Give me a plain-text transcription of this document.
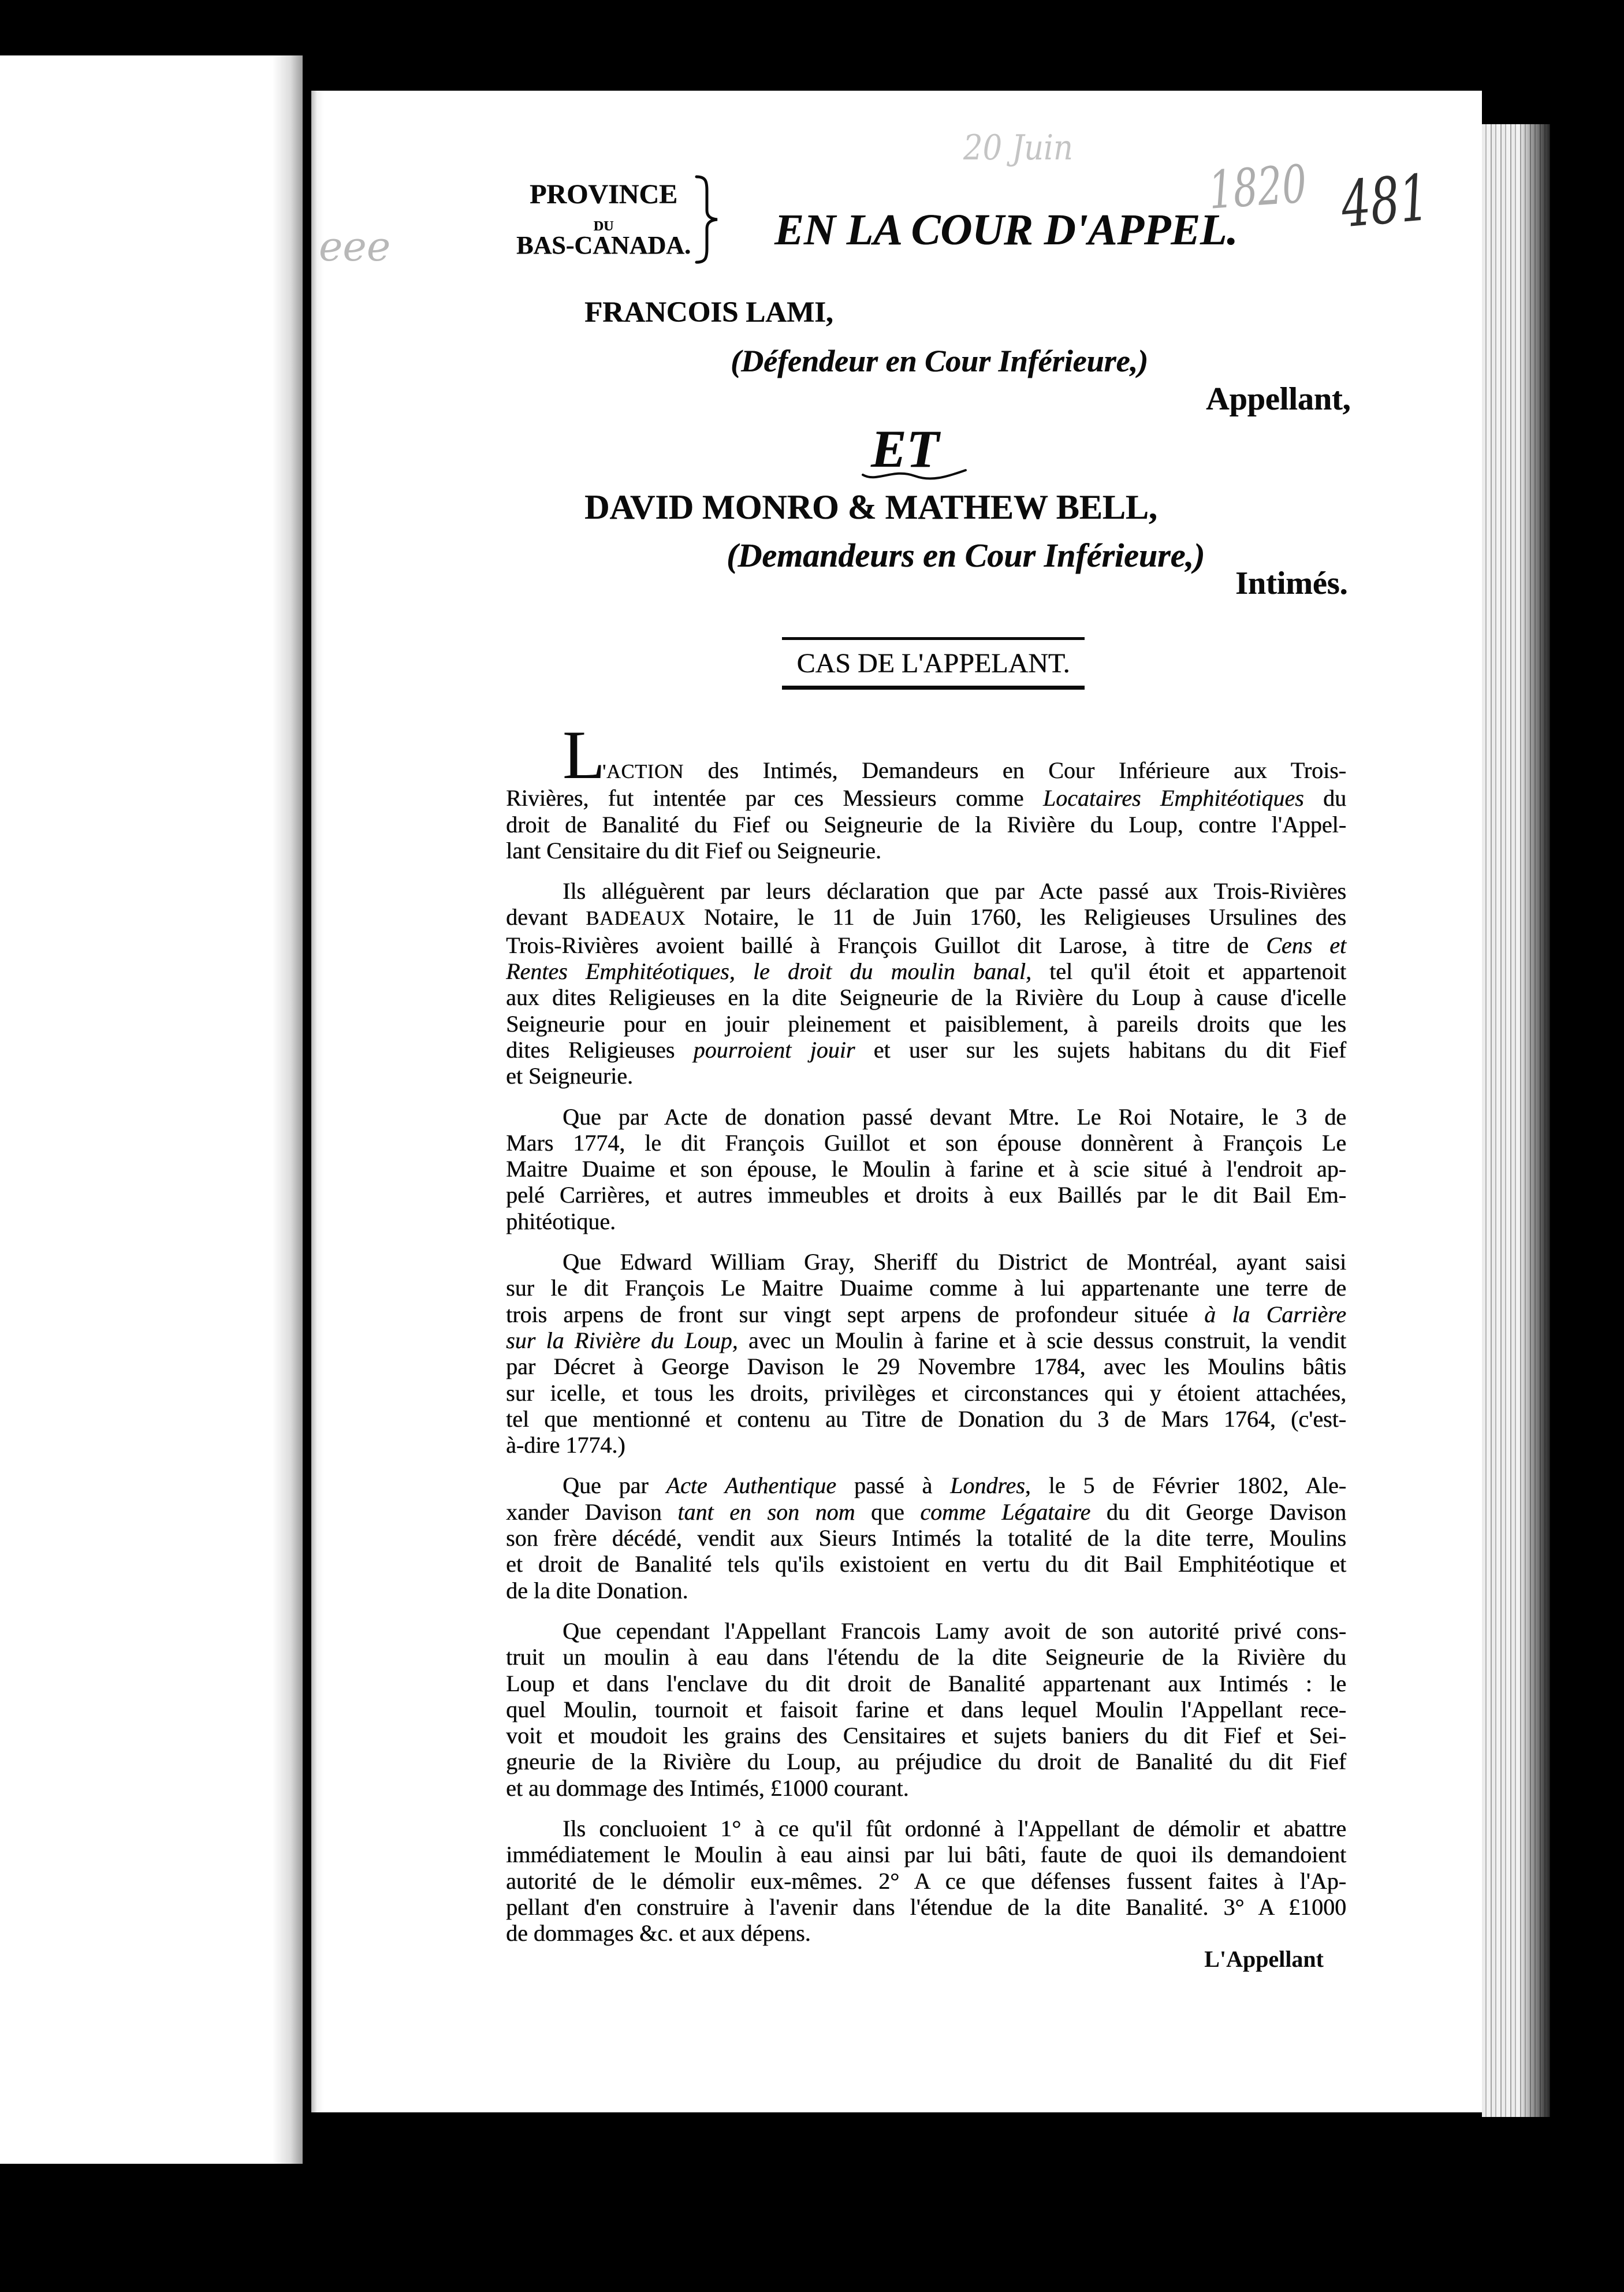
eee
20 Juin
1820 481
PROVINCE
DU
BAS-CANADA. EN LA COUR D'APPEL.
FRANCOIS LAMI,
(Défendeur en Cour Inférieure,)
Appellant,
ET
DAVID MONRO & MATHEW BELL,
(Demandeurs en Cour Inférieure,)
Intimés.
CAS DE L'APPELANT.
L
'ACTION des Intimés, Demandeurs en Cour Inférieure aux Trois-
Rivières, fut intentée par ces Messieurs comme Locataires Emphitéotiques du
droit de Banalité du Fief ou Seigneurie de la Rivière du Loup, contre l'Appel-
lant Censitaire du dit Fief ou Seigneurie.
Ils alléguèrent par leurs déclaration que par Acte passé aux Trois-Rivières
devant BADEAUX Notaire, le 11 de Juin 1760, les Religieuses Ursulines des
Trois-Rivières avoient baillé à François Guillot dit Larose, à titre de Cens et
Rentes Emphitéotiques, le droit du moulin banal, tel qu'il étoit et appartenoit
aux dites Religieuses en la dite Seigneurie de la Rivière du Loup à cause d'icelle
Seigneurie pour en jouir pleinement et paisiblement, à pareils droits que les
dites Religieuses pourroient jouir et user sur les sujets habitans du dit Fief
et Seigneurie.
Que par Acte de donation passé devant Mtre. Le Roi Notaire, le 3 de
Mars 1774, le dit François Guillot et son épouse donnèrent à François Le
Maitre Duaime et son épouse, le Moulin à farine et à scie situé à l'endroit ap-
pelé Carrières, et autres immeubles et droits à eux Baillés par le dit Bail Em-
phitéotique.
Que Edward William Gray, Sheriff du District de Montréal, ayant saisi
sur le dit François Le Maitre Duaime comme à lui appartenante une terre de
trois arpens de front sur vingt sept arpens de profondeur située à la Carrière
sur la Rivière du Loup, avec un Moulin à farine et à scie dessus construit, la vendit
par Décret à George Davison le 29 Novembre 1784, avec les Moulins bâtis
sur icelle, et tous les droits, privilèges et circonstances qui y étoient attachées,
tel que mentionné et contenu au Titre de Donation du 3 de Mars 1764, (c'est-
à-dire 1774.)
Que par Acte Authentique passé à Londres, le 5 de Février 1802, Ale-
xander Davison tant en son nom que comme Légataire du dit George Davison
son frère décédé, vendit aux Sieurs Intimés la totalité de la dite terre, Moulins
et droit de Banalité tels qu'ils existoient en vertu du dit Bail Emphitéotique et
de la dite Donation.
Que cependant l'Appellant Francois Lamy avoit de son autorité privé cons-
truit un moulin à eau dans l'étendu de la dite Seigneurie de la Rivière du
Loup et dans l'enclave du dit droit de Banalité appartenant aux Intimés : le
quel Moulin, tournoit et faisoit farine et dans lequel Moulin l'Appellant rece-
voit et moudoit les grains des Censitaires et sujets baniers du dit Fief et Sei-
gneurie de la Rivière du Loup, au préjudice du droit de Banalité du dit Fief
et au dommage des Intimés, £1000 courant.
Ils concluoient 1° à ce qu'il fût ordonné à l'Appellant de démolir et abattre
immédiatement le Moulin à eau ainsi par lui bâti, faute de quoi ils demandoient
autorité de le démolir eux-mêmes. 2° A ce que défenses fussent faites à l'Ap-
pellant d'en construire à l'avenir dans l'étendue de la dite Banalité. 3° A £1000
de dommages &c. et aux dépens.
L'Appellant
